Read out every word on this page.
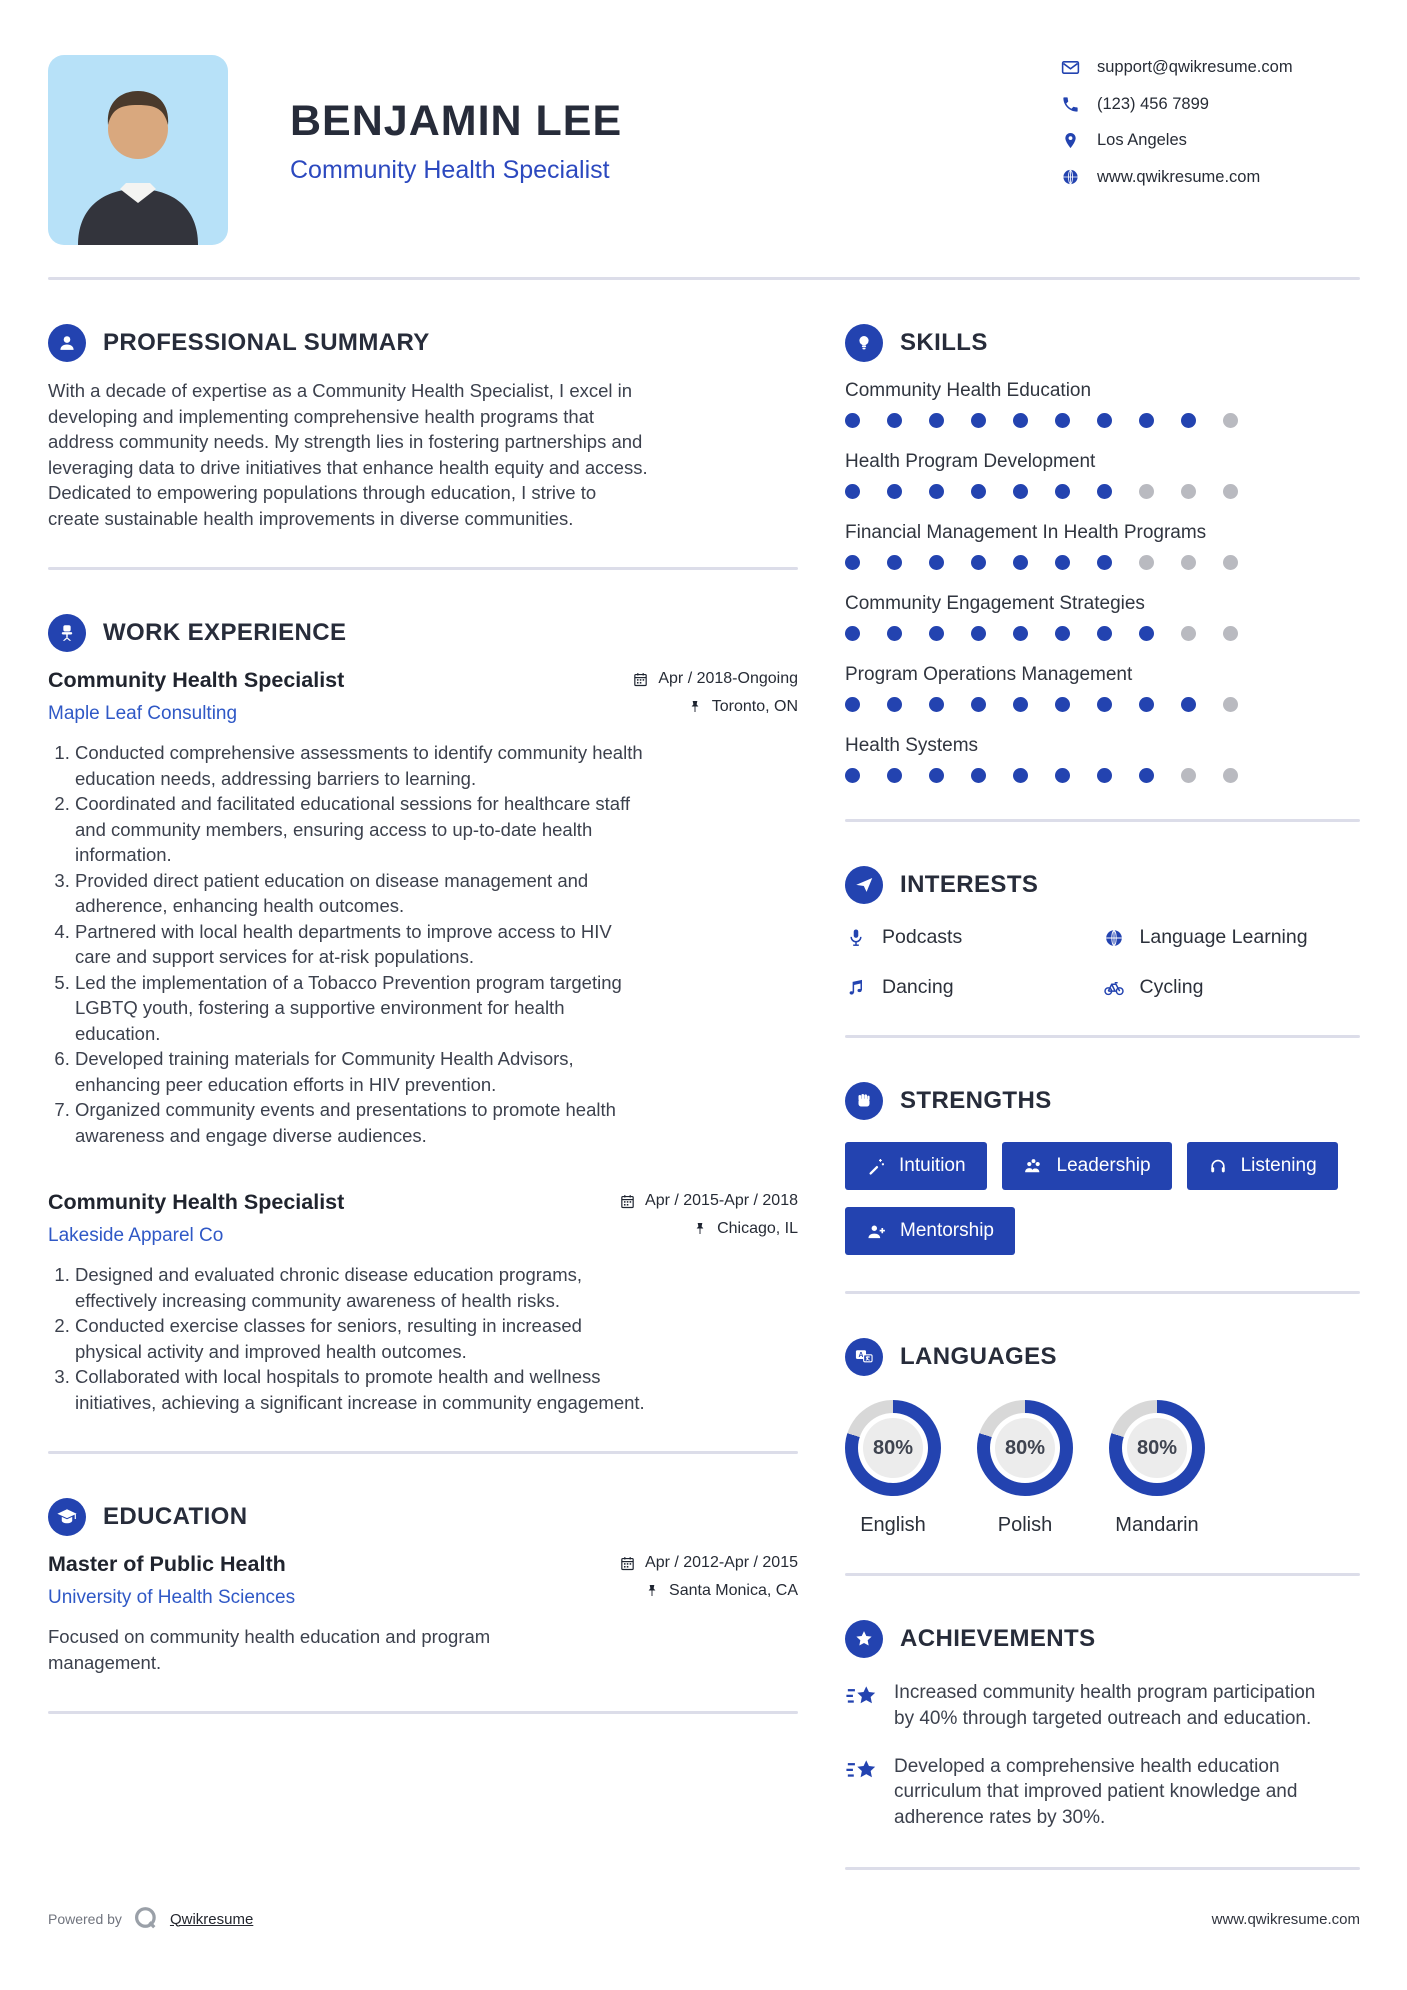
BENJAMIN LEE
Community Health Specialist
support@qwikresume.com
(123) 456 7899
Los Angeles
www.qwikresume.com
PROFESSIONAL SUMMARY

With a decade of expertise as a Community Health Specialist, I excel in developing and implementing comprehensive health programs that address community needs. My strength lies in fostering partnerships and leveraging data to drive initiatives that enhance health equity and access. Dedicated to empowering populations through education, I strive to create sustainable health improvements in diverse communities.

WORK EXPERIENCE
Community Health Specialist
Maple Leaf Consulting
Apr / 2018-Ongoing
Toronto, ON
1. Conducted comprehensive assessments to identify community health education needs, addressing barriers to learning.
2. Coordinated and facilitated educational sessions for healthcare staff and community members, ensuring access to up-to-date health information.
3. Provided direct patient education on disease management and adherence, enhancing health outcomes.
4. Partnered with local health departments to improve access to HIV care and support services for at-risk populations.
5. Led the implementation of a Tobacco Prevention program targeting LGBTQ youth, fostering a supportive environment for health education.
6. Developed training materials for Community Health Advisors, enhancing peer education efforts in HIV prevention.
7. Organized community events and presentations to promote health awareness and engage diverse audiences.
Community Health Specialist
Lakeside Apparel Co
Apr / 2015-Apr / 2018
Chicago, IL
1. Designed and evaluated chronic disease education programs, effectively increasing community awareness of health risks.
2. Conducted exercise classes for seniors, resulting in increased physical activity and improved health outcomes.
3. Collaborated with local hospitals to promote health and wellness initiatives, achieving a significant increase in community engagement.
EDUCATION
Master of Public Health
University of Health Sciences
Apr / 2012-Apr / 2015
Santa Monica, CA

Focused on community health education and program management.

SKILLS
Community Health Education
Health Program Development
Financial Management In Health Programs
Community Engagement Strategies
Program Operations Management
Health Systems
INTERESTS
Podcasts	Language Learning
Dancing	Cycling
STRENGTHS
Intuition	Leadership	Listening
Mentorship
A LANGUAGES
80%
English
80%
Polish
80%
Mandarin
ACHIEVEMENTS

Increased community health program participation by 40% through targeted outreach and education.

Developed a comprehensive health education curriculum that improved patient knowledge and adherence rates by 30%.

Powered by	Qwikresume	www.qwikresume.com
